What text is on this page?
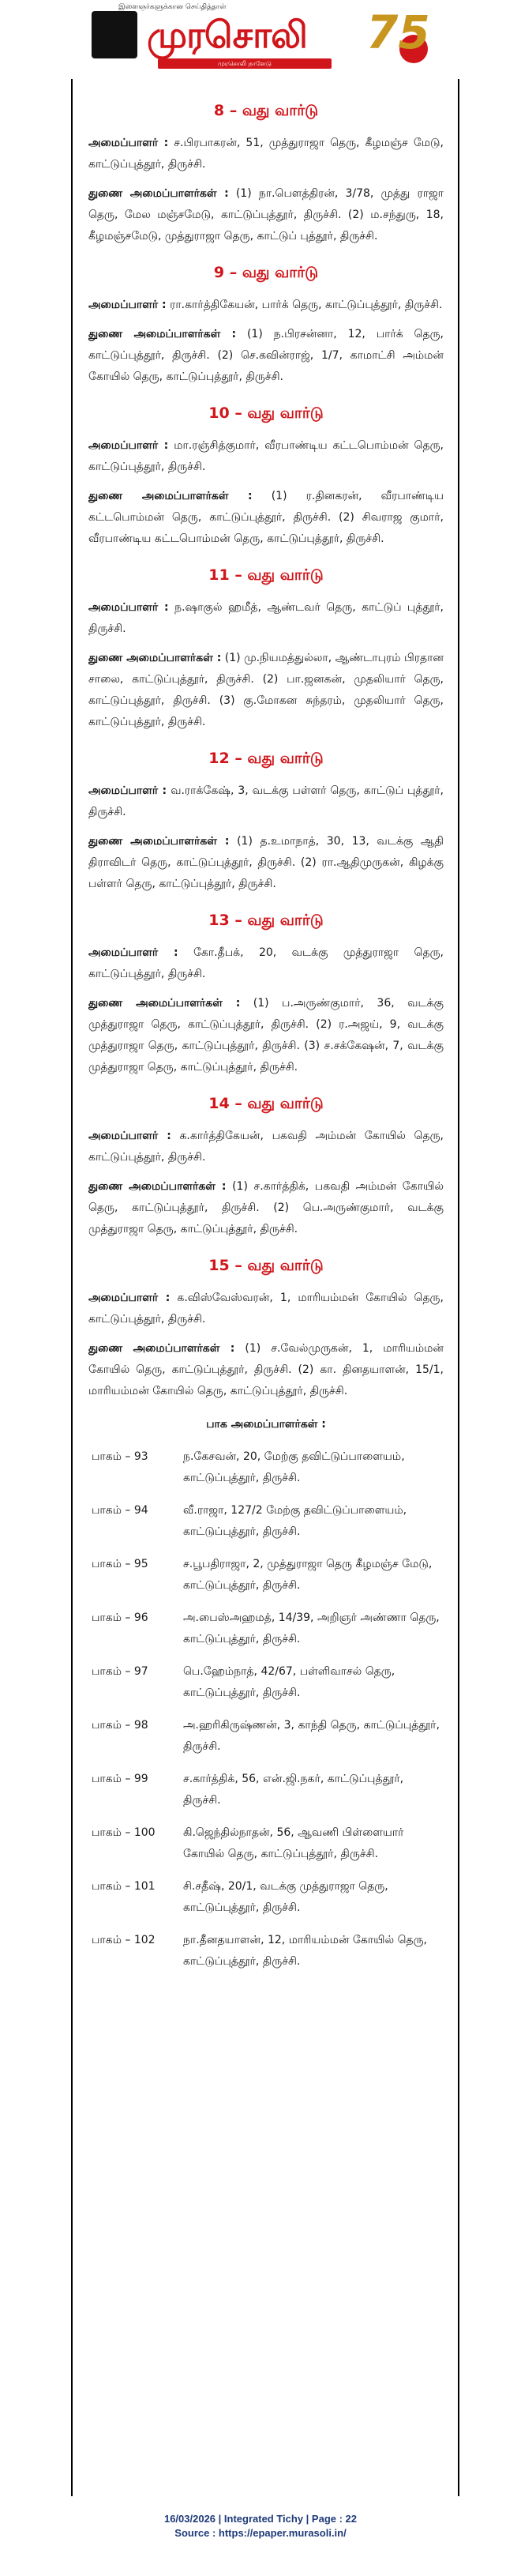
இளைஞர்களுக்கான செய்தித்தாள்
முரசொலி
முரசொலி நாளேடு
75
8 – வது வார்டு

அமைப்பாளர் : ச.பிரபாகரன், 51, முத்துராஜா தெரு, கீழமஞ்ச மேடு, காட்டுப்புத்தூர், திருச்சி.

துணை அமைப்பாளர்கள் : (1) நா.பௌத்திரன், 3/78, முத்து ராஜா தெரு, மேல மஞ்சமேடு, காட்டுப்புத்தூர், திருச்சி. (2) ம.சந்துரு, 18, கீழமஞ்சமேடு, முத்துராஜா தெரு, காட்டுப் புத்தூர், திருச்சி.

9 – வது வார்டு

அமைப்பாளர் : ரா.கார்த்திகேயன், பார்க் தெரு, காட்டுப்புத்தூர், திருச்சி.

துணை அமைப்பாளர்கள் : (1) ந.பிரசன்னா, 12, பார்க் தெரு, காட்டுப்புத்தூர், திருச்சி. (2) செ.கவின்ராஜ், 1/7, காமாட்சி அம்மன் கோயில் தெரு, காட்டுப்புத்தூர், திருச்சி.

10 – வது வார்டு

அமைப்பாளர் : மா.ரஞ்சித்குமார், வீரபாண்டிய கட்டபொம்மன் தெரு, காட்டுப்புத்தூர், திருச்சி.

துணை அமைப்பாளர்கள் : (1) ர.தினகரன், வீரபாண்டிய கட்டபொம்மன் தெரு, காட்டுப்புத்தூர், திருச்சி. (2) சிவராஜ குமார், வீரபாண்டிய கட்டபொம்மன் தெரு, காட்டுப்புத்தூர், திருச்சி.

11 – வது வார்டு

அமைப்பாளர் : ந.ஷாகுல் ஹமீத், ஆண்டவர் தெரு, காட்டுப் புத்தூர், திருச்சி.

துணை அமைப்பாளர்கள் : (1) மு.நியமத்துல்லா, ஆண்டாபுரம் பிரதான சாலை, காட்டுப்புத்தூர், திருச்சி. (2) பா.ஜனகன், முதலியார் தெரு, காட்டுப்புத்தூர், திருச்சி. (3) கு.மோகன சுந்தரம், முதலியார் தெரு, காட்டுப்புத்தூர், திருச்சி.

12 – வது வார்டு

அமைப்பாளர் : வ.ராக்கேஷ், 3, வடக்கு பள்ளர் தெரு, காட்டுப் புத்தூர், திருச்சி.

துணை அமைப்பாளர்கள் : (1) த.உமாநாத், 30, 13, வடக்கு ஆதி திராவிடர் தெரு, காட்டுப்புத்தூர், திருச்சி. (2) ரா.ஆதிமுருகன், கிழக்கு பள்ளர் தெரு, காட்டுப்புத்தூர், திருச்சி.

13 – வது வார்டு

அமைப்பாளர் : கோ.தீபக், 20, வடக்கு முத்துராஜா தெரு, காட்டுப்புத்தூர், திருச்சி.

துணை அமைப்பாளர்கள் : (1) ப.அருண்குமார், 36, வடக்கு முத்துராஜா தெரு, காட்டுப்புத்தூர், திருச்சி. (2) ர.அஜய், 9, வடக்கு முத்துராஜா தெரு, காட்டுப்புத்தூர், திருச்சி. (3) ச.சக்கேஷன், 7, வடக்கு முத்துராஜா தெரு, காட்டுப்புத்தூர், திருச்சி.

14 – வது வார்டு

அமைப்பாளர் : க.கார்த்திகேயன், பகவதி அம்மன் கோயில் தெரு, காட்டுப்புத்தூர், திருச்சி.

துணை அமைப்பாளர்கள் : (1) ச.கார்த்திக், பகவதி அம்மன் கோயில் தெரு, காட்டுப்புத்தூர், திருச்சி. (2) பெ.அருண்குமார், வடக்கு முத்துராஜா தெரு, காட்டுப்புத்தூர், திருச்சி.

15 – வது வார்டு

அமைப்பாளர் : க.விஸ்வேஸ்வரன், 1, மாரியம்மன் கோயில் தெரு, காட்டுப்புத்தூர், திருச்சி.

துணை அமைப்பாளர்கள் : (1) ச.வேல்முருகன், 1, மாரியம்மன் கோயில் தெரு, காட்டுப்புத்தூர், திருச்சி. (2) கா. தினதயாளன், 15/1, மாரியம்மன் கோயில் தெரு, காட்டுப்புத்தூர், திருச்சி.

பாக அமைப்பாளர்கள் :
பாகம் – 93	ந.கேசவன், 20, மேற்கு தவிட்டுப்பாளையம், காட்டுப்புத்தூர், திருச்சி.
பாகம் – 94	வீ.ராஜா, 127/2 மேற்கு தவிட்டுப்பாளையம், காட்டுப்புத்தூர், திருச்சி.
பாகம் – 95	ச.பூபதிராஜா, 2, முத்துராஜா தெரு கீழமஞ்ச மேடு, காட்டுப்புத்தூர், திருச்சி.
பாகம் – 96	அ.பைஸ்அஹமத், 14/39, அறிஞர் அண்ணா தெரு, காட்டுப்புத்தூர், திருச்சி.
பாகம் – 97	பெ.ஹேம்நாத், 42/67, பள்ளிவாசல் தெரு, காட்டுப்புத்தூர், திருச்சி.
பாகம் – 98	அ.ஹரிகிருஷ்ணன், 3, காந்தி தெரு, காட்டுப்புத்தூர், திருச்சி.
பாகம் – 99	ச.கார்த்திக், 56, என்.ஜி.நகர், காட்டுப்புத்தூர், திருச்சி.
பாகம் – 100	கி.ஜெந்தில்நாதன், 56, ஆவணி பிள்ளையார் கோயில் தெரு, காட்டுப்புத்தூர், திருச்சி.
பாகம் – 101	சி.சதீஷ், 20/1, வடக்கு முத்துராஜா தெரு, காட்டுப்புத்தூர், திருச்சி.
பாகம் – 102	நா.தீனதயாளன், 12, மாரியம்மன் கோயில் தெரு, காட்டுப்புத்தூர், திருச்சி.
16/03/2026 | Integrated Tichy | Page : 22
Source : https://epaper.murasoli.in/
